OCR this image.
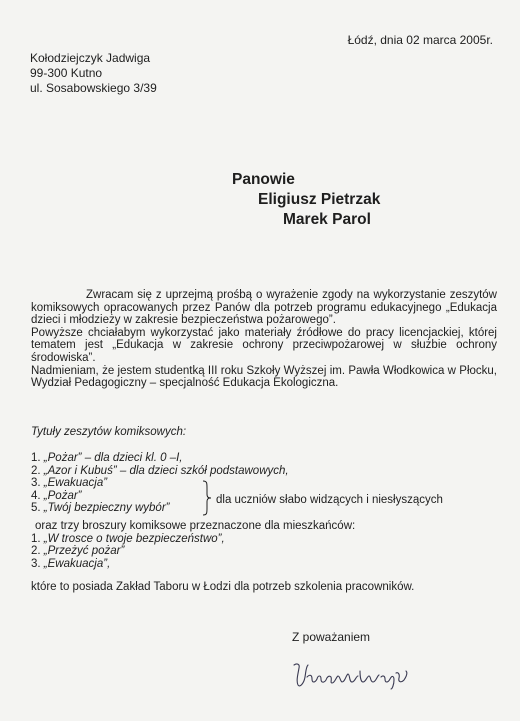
Łódź, dnia 02 marca 2005r.
Kołodziejczyk Jadwiga
99-300 Kutno
ul. Sosabowskiego 3/39
Panowie
Eligiusz Pietrzak
Marek Parol

Zwracam się z uprzejmą prośbą o wyrażenie zgody na wykorzystanie zeszytów komiksowych opracowanych przez Panów dla potrzeb programu edukacyjnego „Edukacja dzieci i młodzieży w zakresie bezpieczeństwa pożarowego”.

Powyższe chciałabym wykorzystać jako materiały źródłowe do pracy licencjackiej, której tematem jest „Edukacja w zakresie ochrony przeciwpożarowej w służbie ochrony środowiska”.

Nadmieniam, że jestem studentką III roku Szkoły Wyższej im. Pawła Włodkowica w Płocku, Wydział Pedagogiczny – specjalność Edukacja Ekologiczna.

Tytuły zeszytów komiksowych:
1. „Pożar” – dla dzieci kl. 0 –I,
2. „Azor i Kubuś” – dla dzieci szkół podstawowych,
3. „Ewakuacja”
4. „Pożar”
5. „Twój bezpieczny wybór”
dla uczniów słabo widzących i niesłyszących
oraz trzy broszury komiksowe przeznaczone dla mieszkańców:
1. „W trosce o twoje bezpieczeństwo”,
2. „Przeżyć pożar”
3. „Ewakuacja”,
które to posiada Zakład Taboru w Łodzi dla potrzeb szkolenia pracowników.
Z poważaniem
